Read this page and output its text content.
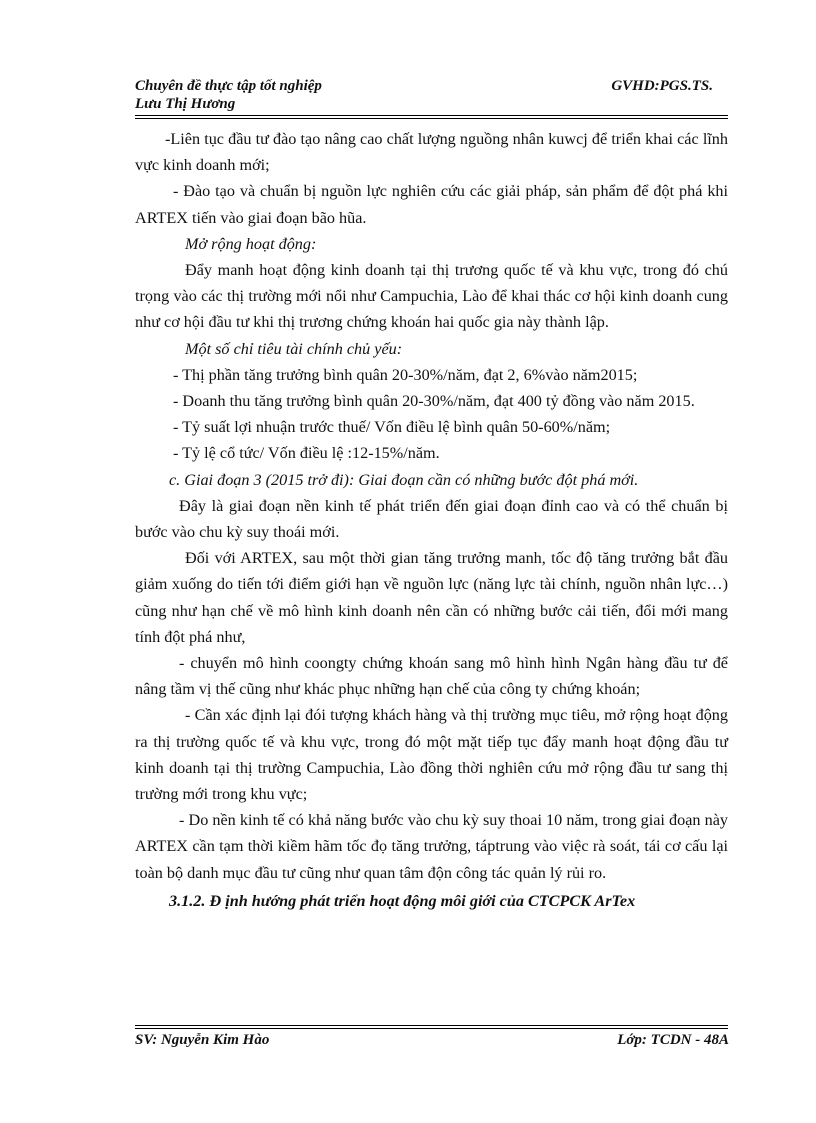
Chuyên đề thực tập tốt nghiệp	GVHD:PGS.TS.
Lưu Thị Hương

-Liên tục đầu tư đào tạo nâng cao chất lượng nguồng nhân kuwcj để triển khai các lĩnh vực kinh doanh mới;

- Đào tạo và chuẩn bị nguồn lực nghiên cứu các giải pháp, sản phẩm để đột phá khi ARTEX tiến vào giai đoạn bão hũa.

Mở rộng hoạt động:

Đẩy manh hoạt động kinh doanh tại thị trương quốc tế và khu vực, trong đó chú trọng vào các thị trường mới nổi như Campuchia, Lào để khai thác cơ hội kinh doanh cung như cơ hội đầu tư khi thị trương chứng khoán hai quốc gia này thành lập.

Một số chỉ tiêu tài chính chủ yếu:

- Thị phần tăng trưởng bình quân 20-30%/năm, đạt 2, 6%vào năm2015;

- Doanh thu tăng trưởng bình quân 20-30%/năm, đạt 400 tỷ đồng vào năm 2015.

- Tỷ suất lợi nhuận trước thuế/ Vốn điều lệ bình quân 50-60%/năm;

- Tỷ lệ cổ tức/ Vốn điều lệ :12-15%/năm.

c. Giai đoạn 3 (2015 trở đi): Giai đoạn cần có những bước đột phá mới.

Đây là giai đoạn nền kinh tế phát triển đến giai đoạn đỉnh cao và có thể chuẩn bị bước vào chu kỳ suy thoái mới.

Đối với ARTEX, sau một thời gian tăng trưởng manh, tốc độ tăng trưởng bắt đầu giảm xuống do tiến tới điểm giới hạn về nguồn lực (năng lực tài chính, nguồn nhân lực…) cũng như hạn chế về mô hình kinh doanh nên cần có những bước cải tiến, đổi mới mang tính đột phá như,

- chuyển mô hình coongty chứng khoán sang mô hình hình Ngân hàng đầu tư để nâng tầm vị thế cũng như khác phục những hạn chế của công ty chứng khoán;

- Cần xác định lại đói tượng khách hàng và thị trường mục tiêu, mở rộng hoạt động ra thị trường quốc tế và khu vực, trong đó một mặt tiếp tục đẩy manh hoạt động đầu tư kinh doanh tại thị trường Campuchia, Lào đồng thời nghiên cứu mở rộng đầu tư sang thị trường mới trong khu vực;

- Do nền kinh tế có khả năng bước vào chu kỳ suy thoai 10 năm, trong giai đoạn này ARTEX cần tạm thời kiềm hãm tốc đọ tăng trưởng, táptrung vào việc rà soát, tái cơ cấu lại toàn bộ danh mục đầu tư cũng như quan tâm độn công tác quản lý rủi ro.

3.1.2. Đ ịnh hướng phát triển hoạt động môi giới của CTCPCK ArTex

SV: Nguyễn Kim Hào	Lớp: TCDN - 48A
